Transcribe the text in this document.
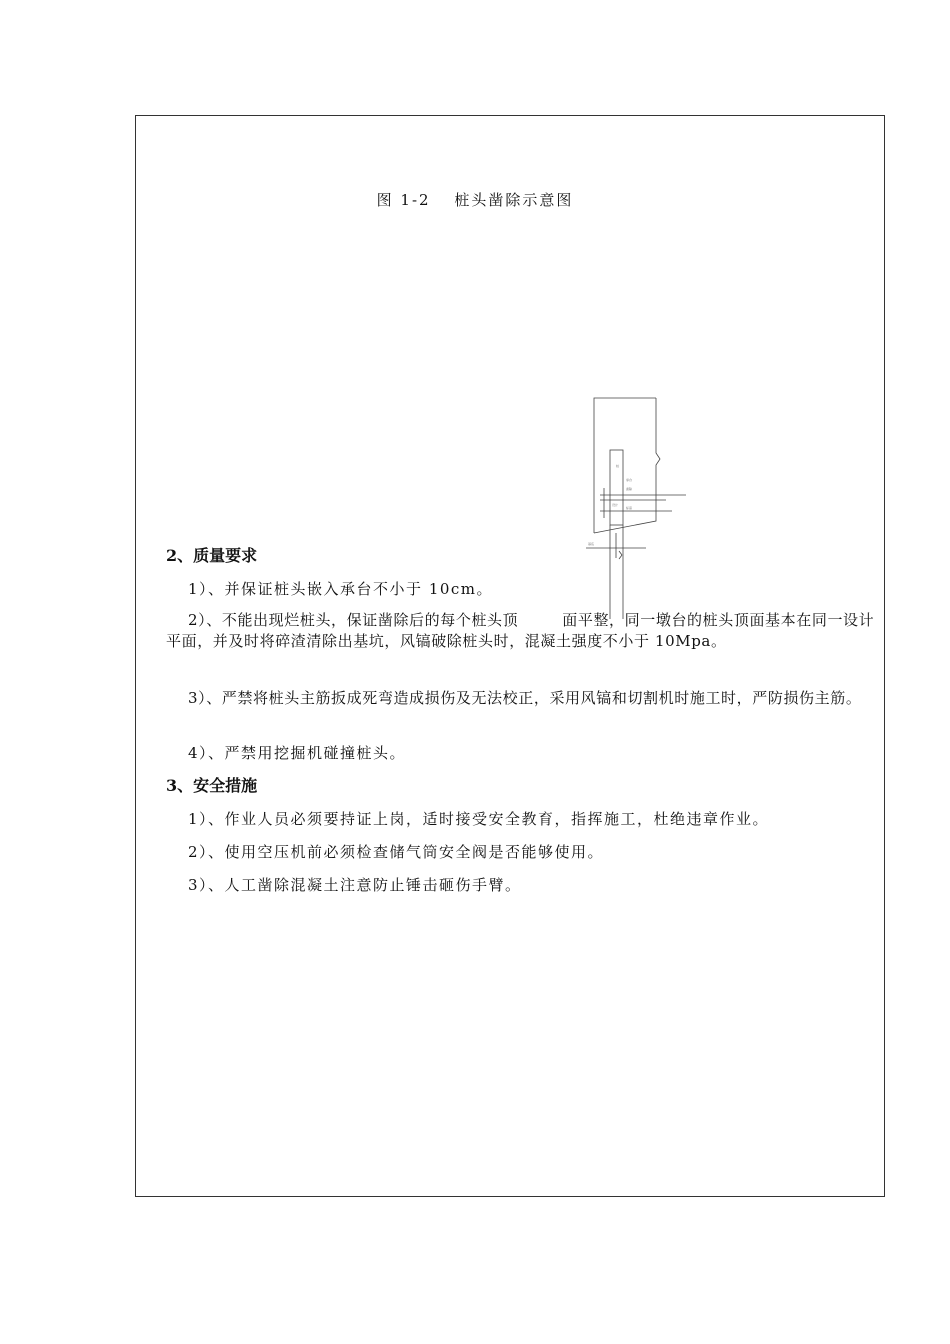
图 1-2　 桩头凿除示意图
桩
承台
凿除
设计
标高
基底
2、质量要求
1）、并保证桩头嵌入承台不小于 10cm。
2）、不能出现烂桩头，保证凿除后的每个桩头顶	面平整，同一墩台的桩头顶面基本在同一设计平面，并及时将碎渣清除出基坑，风镐破除桩头时，混凝土强度不小于 10Mpa。
3）、严禁将桩头主筋扳成死弯造成损伤及无法校正，采用风镐和切割机时施工时，严防损伤主筋。
4）、严禁用挖掘机碰撞桩头。
3、安全措施
1）、作业人员必须要持证上岗，适时接受安全教育，指挥施工，杜绝违章作业。
2）、使用空压机前必须检查储气筒安全阀是否能够使用。
3）、人工凿除混凝土注意防止锤击砸伤手臂。
